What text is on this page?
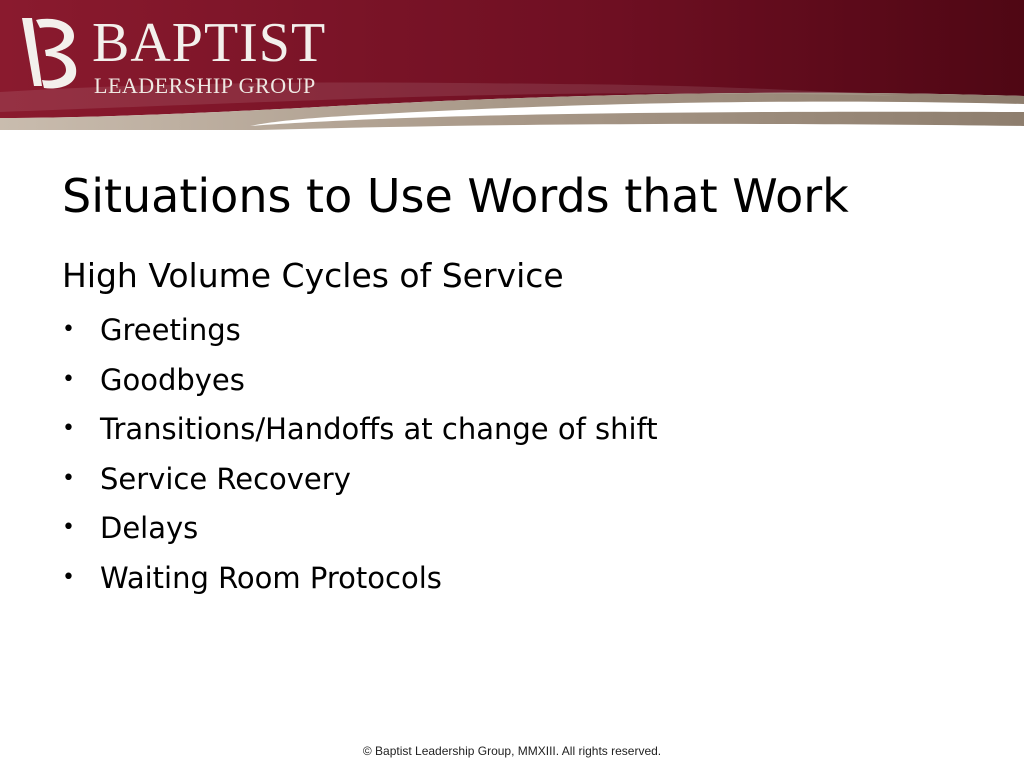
BAPTIST
LEADERSHIP GROUP
Situations to Use Words that Work
High Volume Cycles of Service
• Greetings
• Goodbyes
• Transitions/Handoffs at change of shift
• Service Recovery
• Delays
• Waiting Room Protocols
© Baptist Leadership Group, MMXIII. All rights reserved.
